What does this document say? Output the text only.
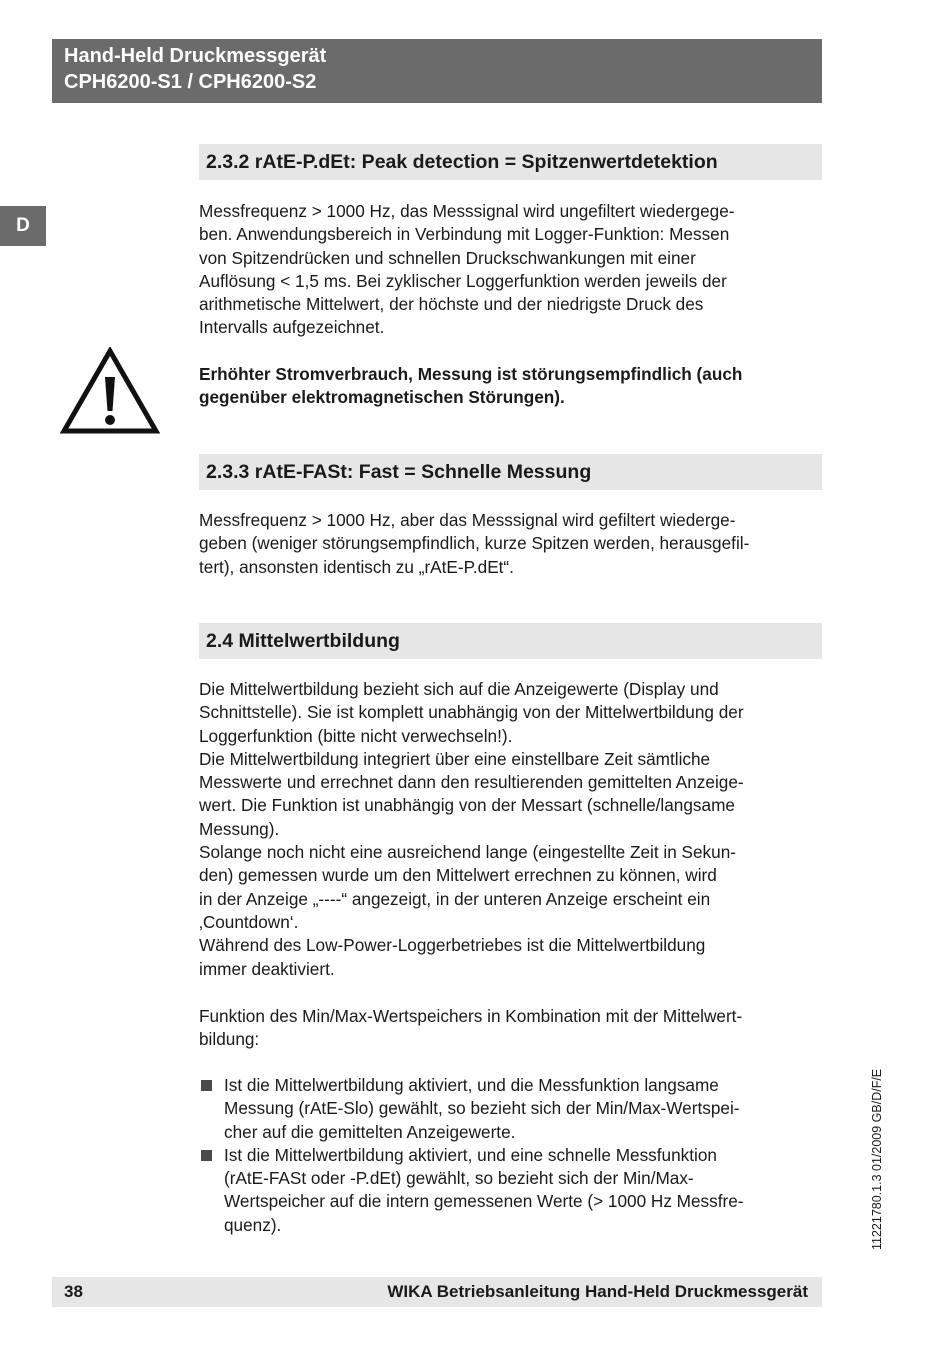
Hand-Held Druckmessgerät
CPH6200-S1 / CPH6200-S2
D
2.3.2 rAtE-P.dEt: Peak detection = Spitzenwertdetektion

Messfrequenz > 1000 Hz, das Messsignal wird ungefiltert wiedergege-
ben. Anwendungsbereich in Verbindung mit Logger-Funktion: Messen
von Spitzendrücken und schnellen Druckschwankungen mit einer
Auflösung < 1,5 ms. Bei zyklischer Loggerfunktion werden jeweils der
arithmetische Mittelwert, der höchste und der niedrigste Druck des
Intervalls aufgezeichnet.

Erhöhter Stromverbrauch, Messung ist störungsempfindlich (auch
gegenüber elektromagnetischen Störungen).

2.3.3 rAtE-FASt: Fast = Schnelle Messung

Messfrequenz > 1000 Hz, aber das Messsignal wird gefiltert wiederge-
geben (weniger störungsempfindlich, kurze Spitzen werden, herausgefil-
tert), ansonsten identisch zu „rAtE-P.dEt“.

2.4 Mittelwertbildung

Die Mittelwertbildung bezieht sich auf die Anzeigewerte (Display und
Schnittstelle). Sie ist komplett unabhängig von der Mittelwertbildung der
Loggerfunktion (bitte nicht verwechseln!).
Die Mittelwertbildung integriert über eine einstellbare Zeit sämtliche
Messwerte und errechnet dann den resultierenden gemittelten Anzeige-
wert. Die Funktion ist unabhängig von der Messart (schnelle/langsame
Messung).
Solange noch nicht eine ausreichend lange (eingestellte Zeit in Sekun-
den) gemessen wurde um den Mittelwert errechnen zu können, wird
in der Anzeige „----“ angezeigt, in der unteren Anzeige erscheint ein
‚Countdown‘.
Während des Low-Power-Loggerbetriebes ist die Mittelwertbildung
immer deaktiviert.

Funktion des Min/Max-Wertspeichers in Kombination mit der Mittelwert-
bildung:

Ist die Mittelwertbildung aktiviert, und die Messfunktion langsame
Messung (rAtE-Slo) gewählt, so bezieht sich der Min/Max-Wertspei-
cher auf die gemittelten Anzeigewerte.
Ist die Mittelwertbildung aktiviert, und eine schnelle Messfunktion
(rAtE-FASt oder -P.dEt) gewählt, so bezieht sich der Min/Max-
Wertspeicher auf die intern gemessenen Werte (> 1000 Hz Messfre-
quenz).	11221780.1.3 01/2009 GB/D/F/E
38	WIKA Betriebsanleitung Hand-Held Druckmessgerät
